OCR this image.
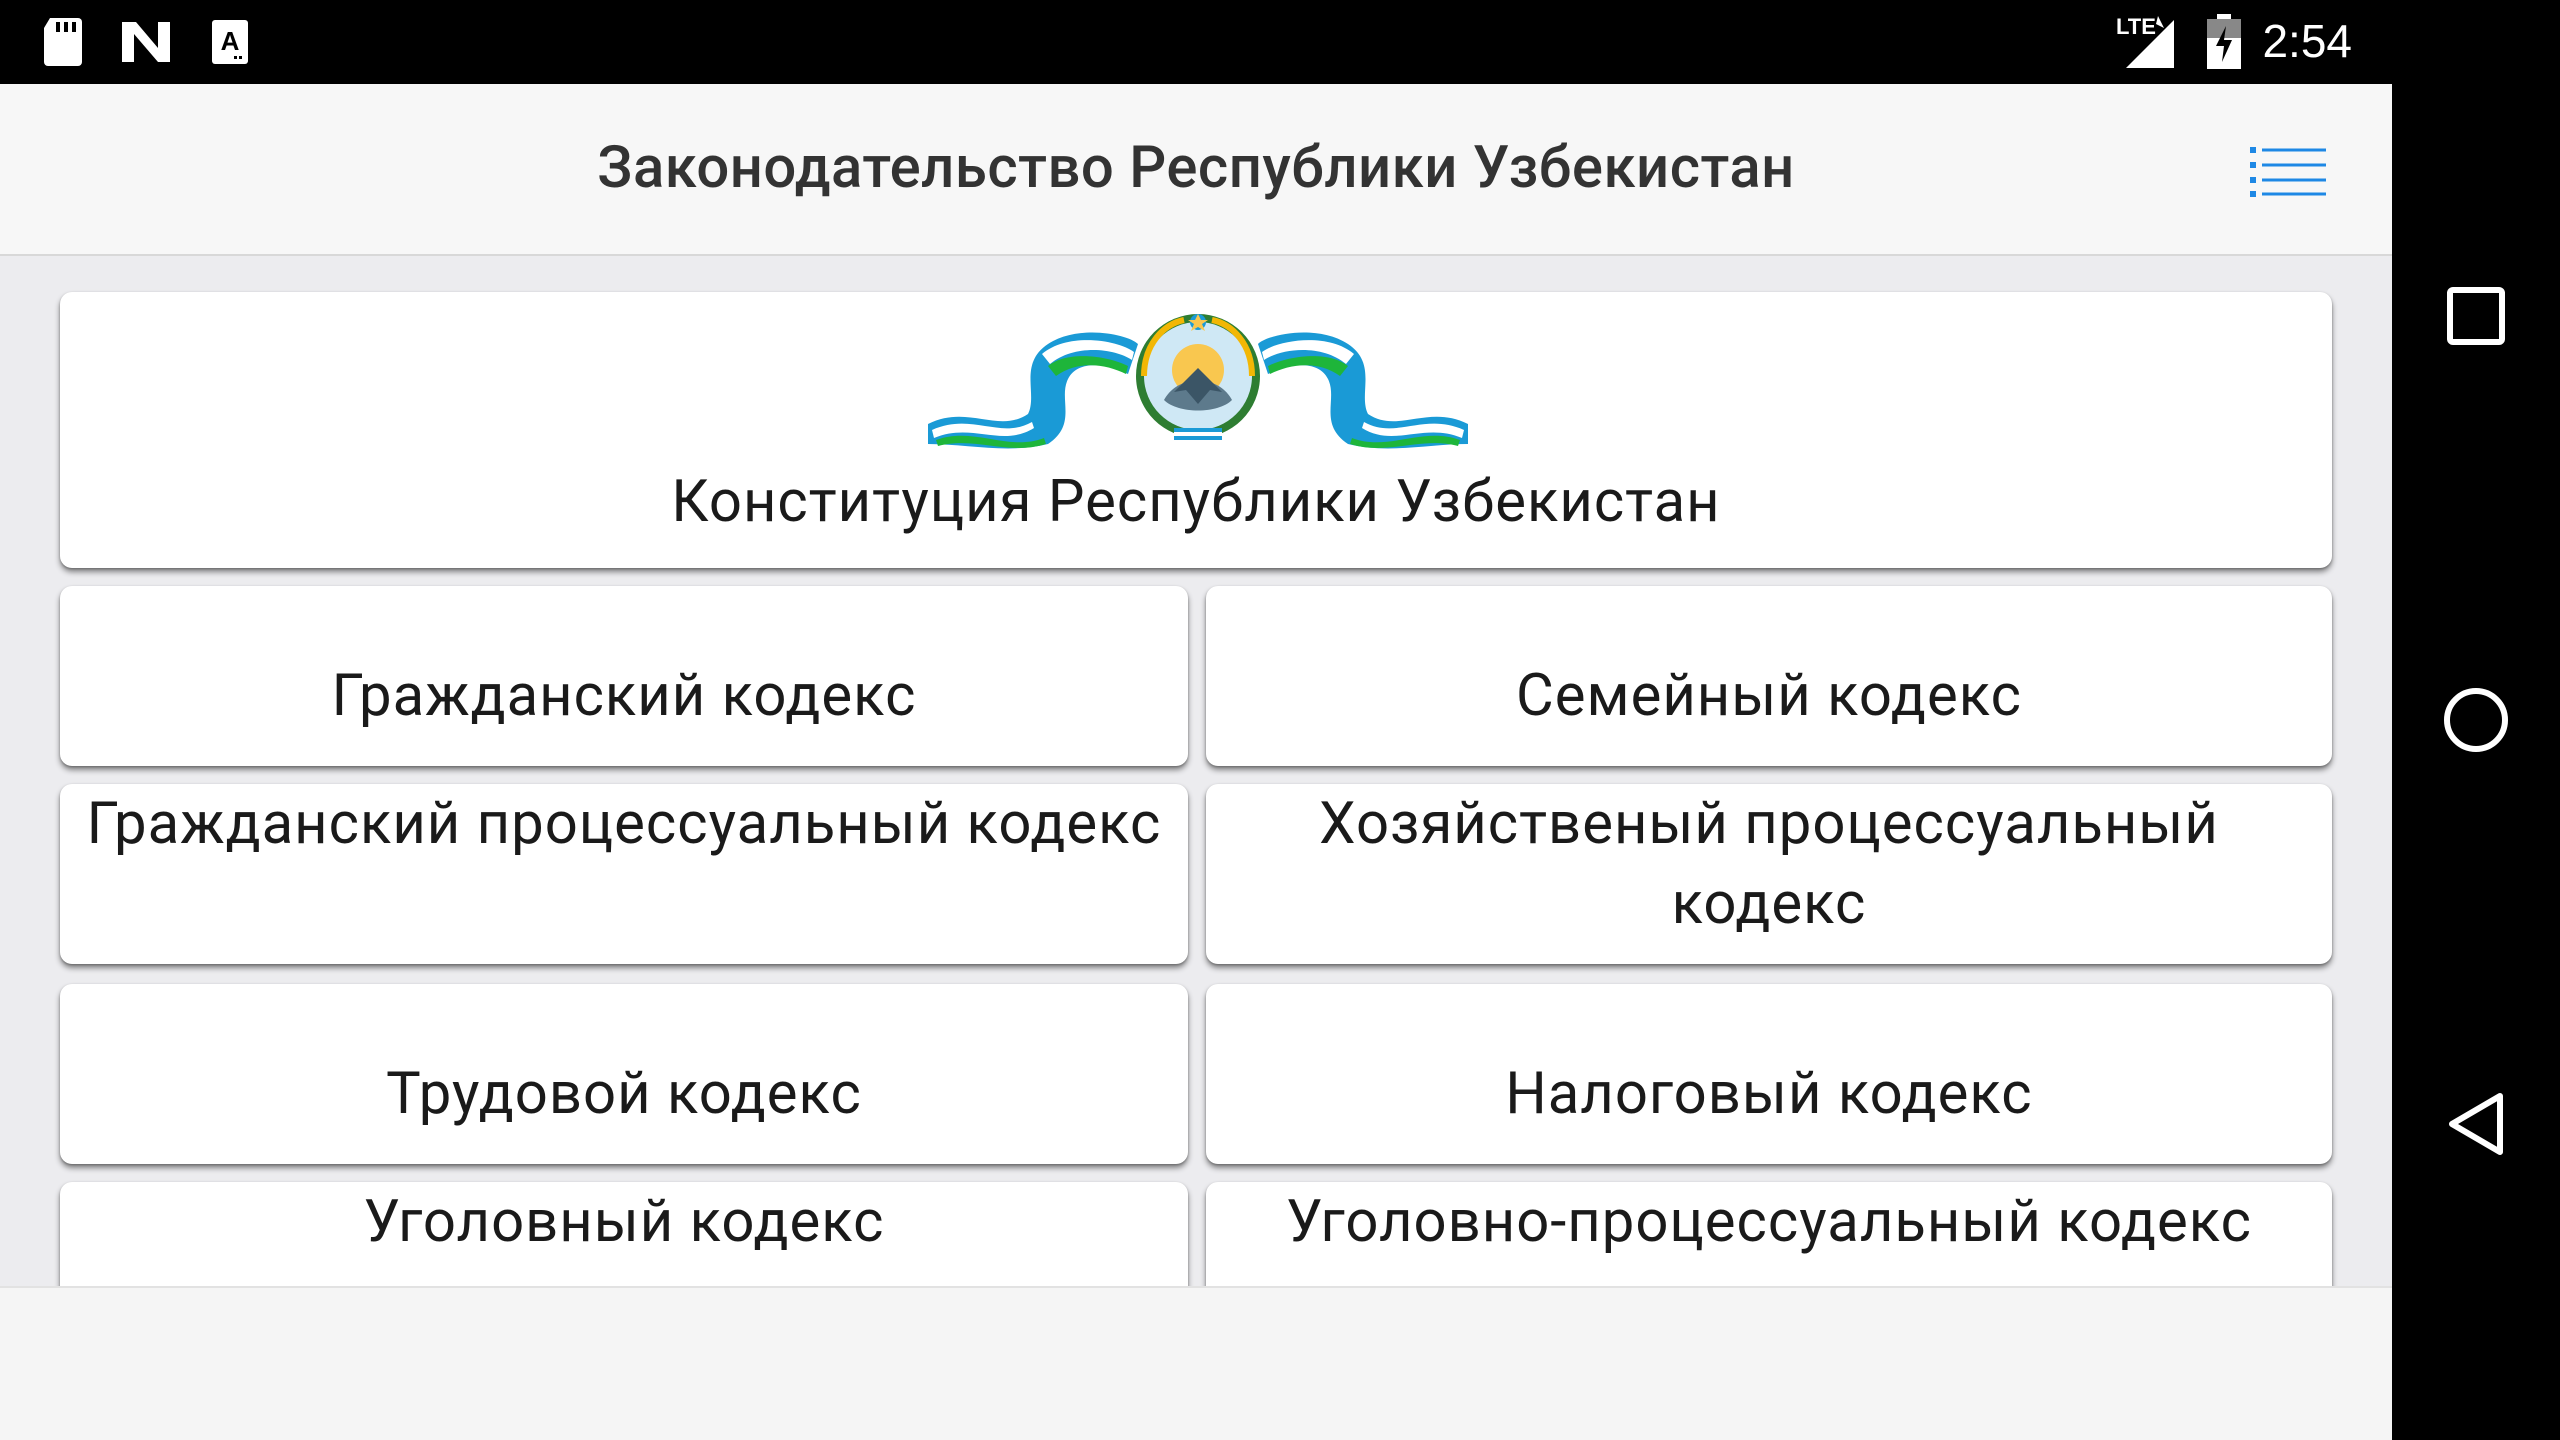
A	LTE 2:54
Законодательство Республики Узбекистан
Конституция Республики Узбекистан
Гражданский кодекс	Семейный кодекс
Гражданский процессуальный кодекс	Хозяйственый процессуальный кодекс
Трудовой кодекс	Налоговый кодекс
Уголовный кодекс	Уголовно-процессуальный кодекс
